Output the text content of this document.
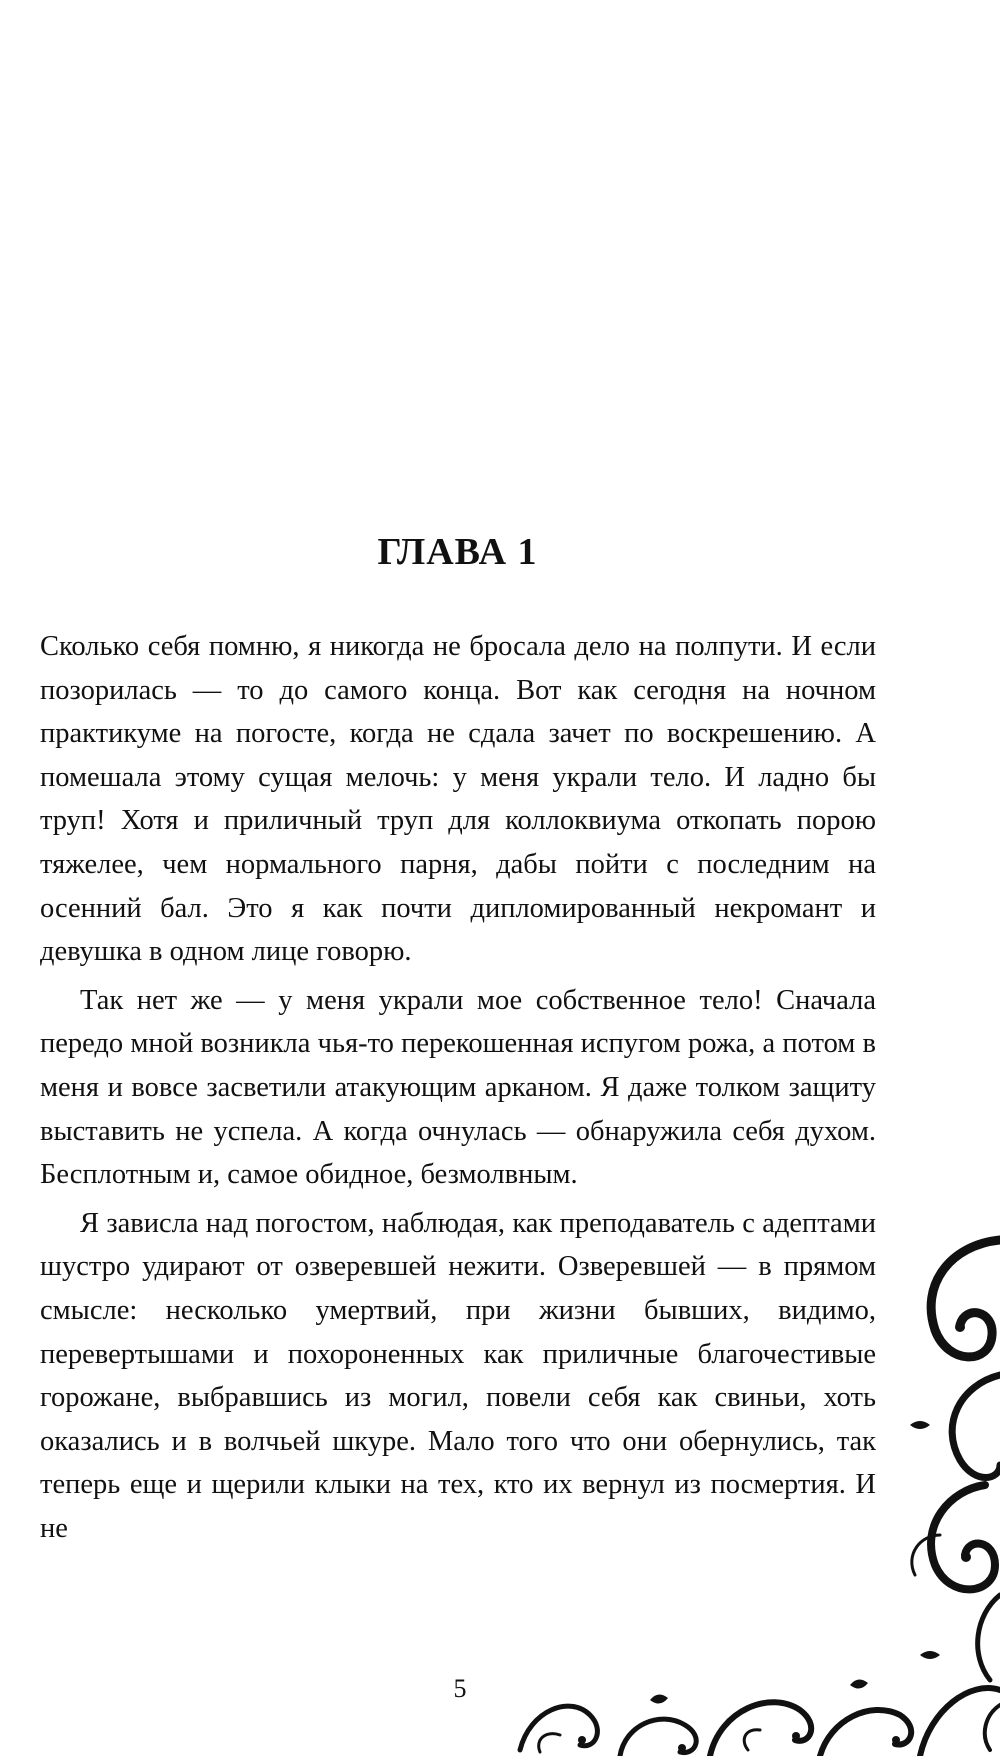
ГЛАВА 1

Сколько себя помню, я никогда не бросала дело на полпути. И если позорилась — то до самого конца. Вот как сегодня на ночном практикуме на погосте, когда не сдала зачет по воскрешению. А помешала этому сущая мелочь: у меня украли тело. И ладно бы труп! Хотя и приличный труп для коллоквиума откопать порою тяжелее, чем нормального парня, дабы пойти с последним на осенний бал. Это я как почти дипломированный некромант и девушка в одном лице говорю.

Так нет же — у меня украли мое собственное тело! Сначала передо мной возникла чья-то перекошенная испугом рожа, а потом в меня и вовсе засветили атакующим арканом. Я даже толком защиту выставить не успела. А когда очнулась — обнаружила себя духом. Бесплотным и, самое обидное, безмолвным.

Я зависла над погостом, наблюдая, как преподаватель с адептами шустро удирают от озверевшей нежити. Озверевшей — в прямом смысле: несколько умертвий, при жизни бывших, видимо, перевертышами и похороненных как приличные благочестивые горожане, выбравшись из могил, повели себя как свиньи, хоть оказались и в волчьей шкуре. Мало того что они обернулись, так теперь еще и щерили клыки на тех, кто их вернул из посмертия. И не

5
